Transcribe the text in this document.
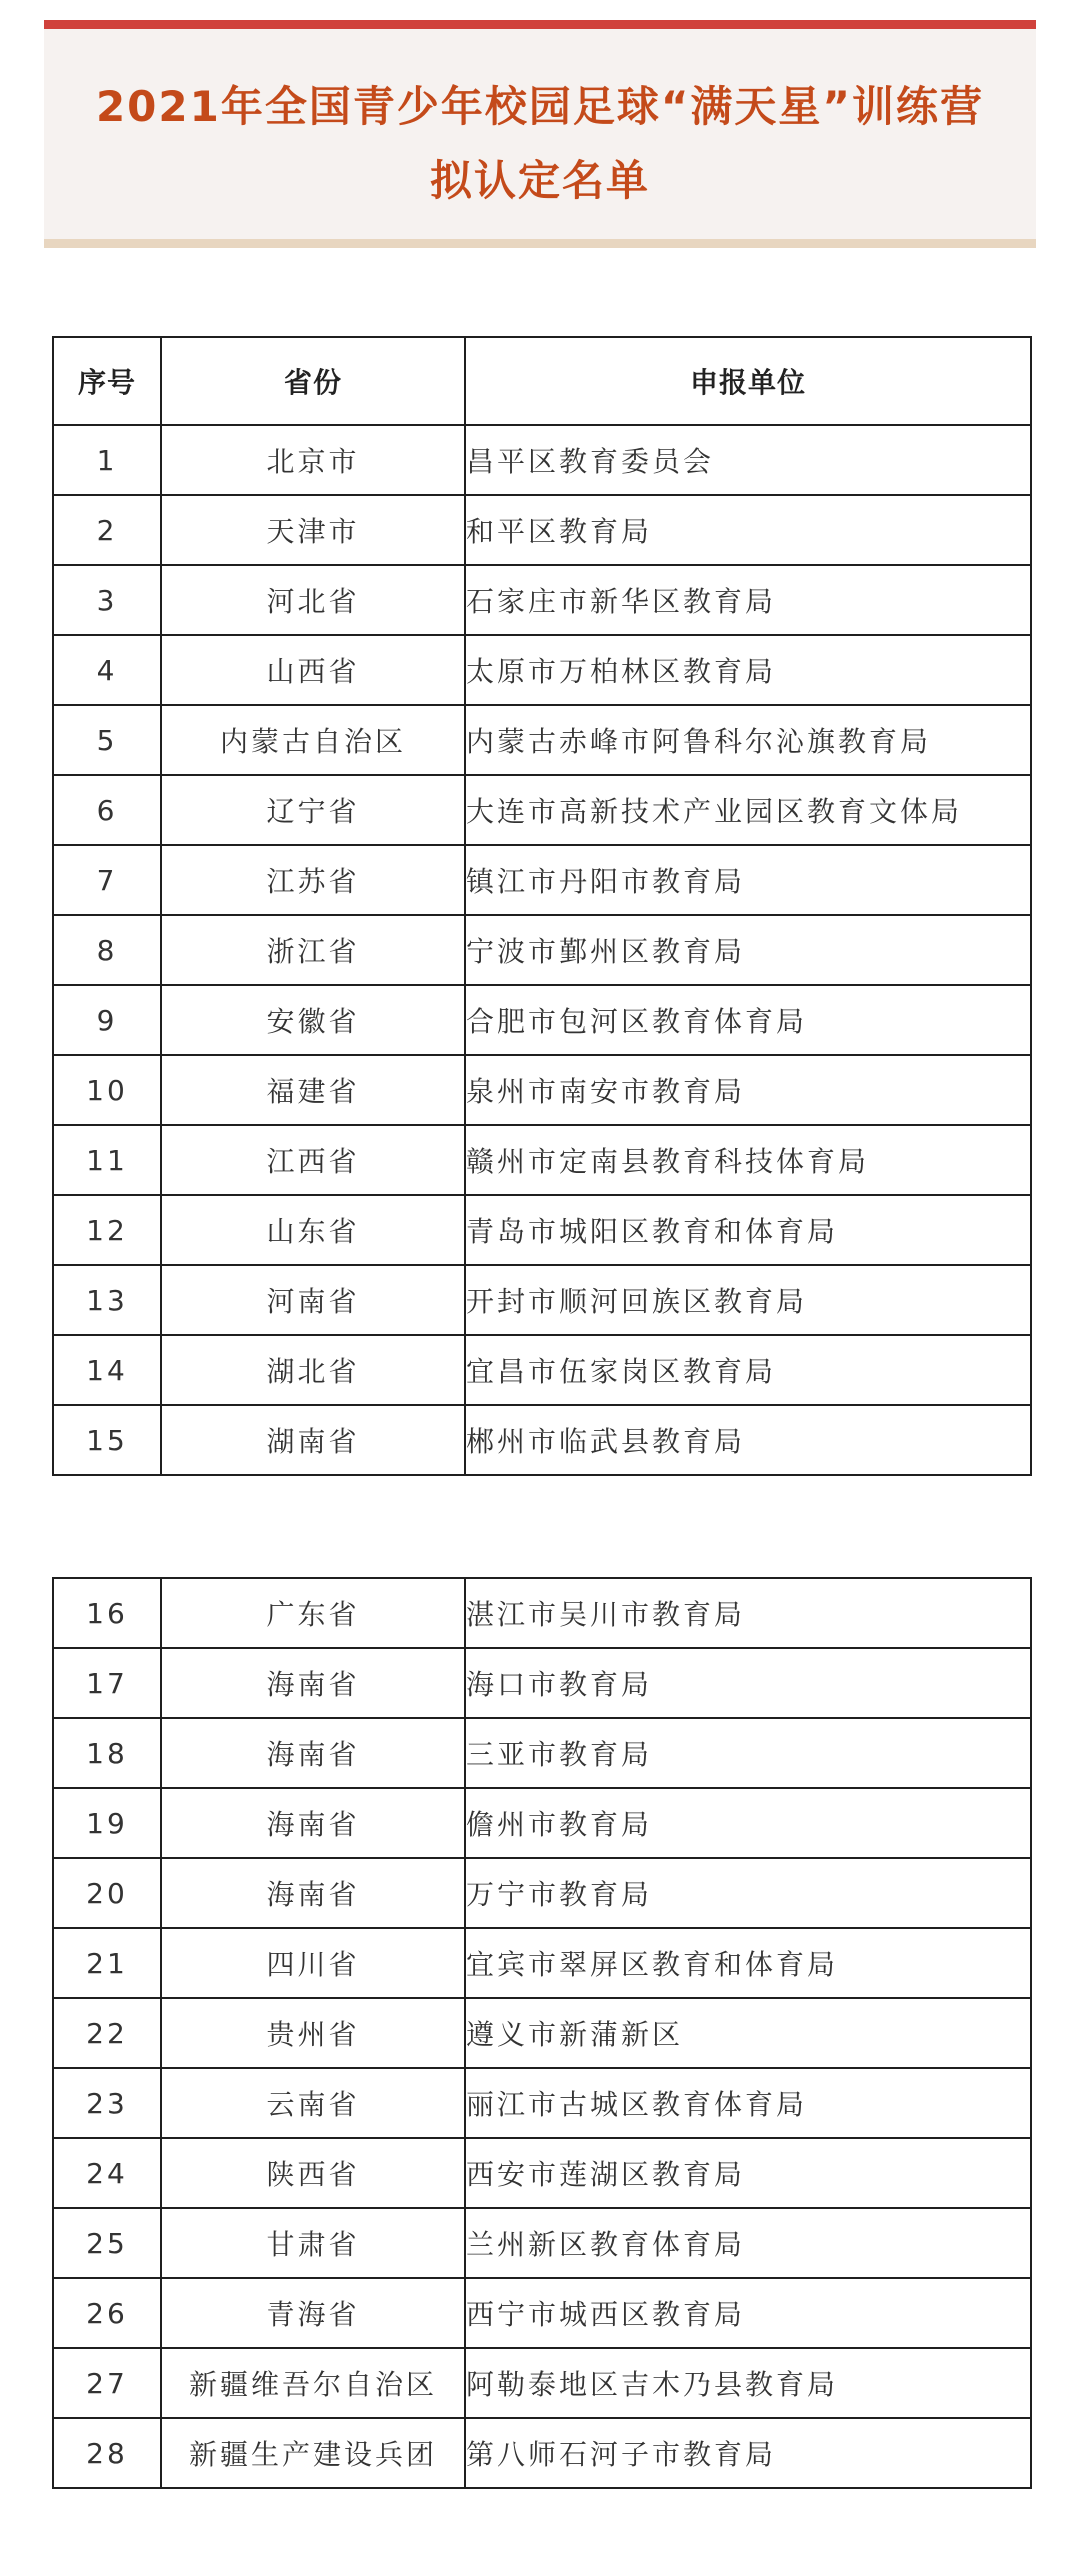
2021年全国青少年校园足球“满天星”训练营
拟认定名单
序号	省份	申报单位
1	北京市	昌平区教育委员会
2	天津市	和平区教育局
3	河北省	石家庄市新华区教育局
4	山西省	太原市万柏林区教育局
5	内蒙古自治区	内蒙古赤峰市阿鲁科尔沁旗教育局
6	辽宁省	大连市高新技术产业园区教育文体局
7	江苏省	镇江市丹阳市教育局
8	浙江省	宁波市鄞州区教育局
9	安徽省	合肥市包河区教育体育局
10	福建省	泉州市南安市教育局
11	江西省	赣州市定南县教育科技体育局
12	山东省	青岛市城阳区教育和体育局
13	河南省	开封市顺河回族区教育局
14	湖北省	宜昌市伍家岗区教育局
15	湖南省	郴州市临武县教育局
16	广东省	湛江市吴川市教育局
17	海南省	海口市教育局
18	海南省	三亚市教育局
19	海南省	儋州市教育局
20	海南省	万宁市教育局
21	四川省	宜宾市翠屏区教育和体育局
22	贵州省	遵义市新蒲新区
23	云南省	丽江市古城区教育体育局
24	陕西省	西安市莲湖区教育局
25	甘肃省	兰州新区教育体育局
26	青海省	西宁市城西区教育局
27	新疆维吾尔自治区	阿勒泰地区吉木乃县教育局
28	新疆生产建设兵团	第八师石河子市教育局
